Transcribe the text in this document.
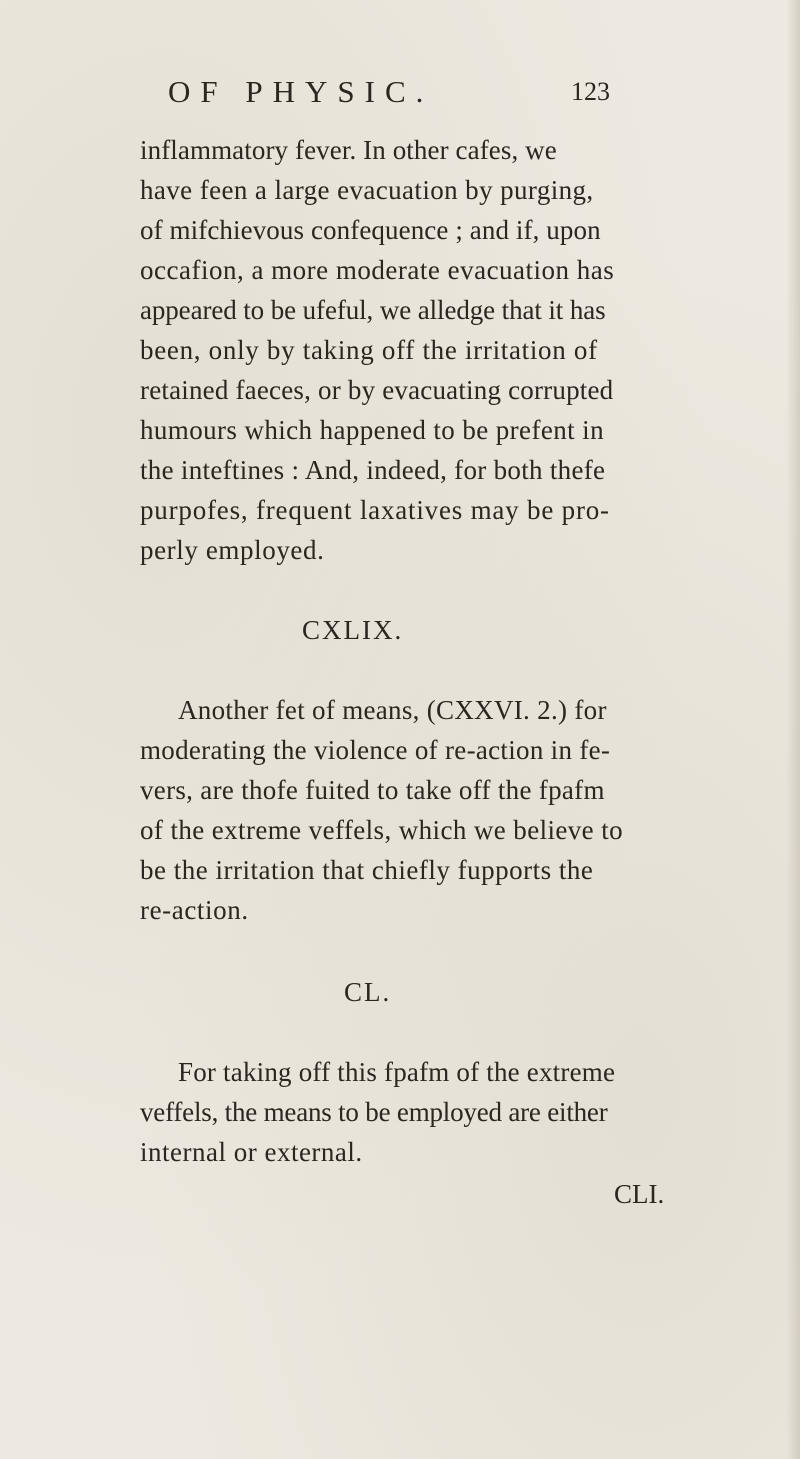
OF PHYSIC.	123
inflammatory fever. In other cafes, we
have feen a large evacuation by purging,
of mifchievous confequence ; and if, upon
occafion, a more moderate evacuation has
appeared to be ufeful, we alledge that it has
been, only by taking off the irritation of
retained faeces, or by evacuating corrupted
humours which happened to be prefent in
the inteftines : And, indeed, for both thefe
purpofes, frequent laxatives may be pro-
perly employed.
CXLIX.
Another fet of means, (CXXVI. 2.) for
moderating the violence of re-action in fe-
vers, are thofe fuited to take off the fpafm
of the extreme veffels, which we believe to
be the irritation that chiefly fupports the
re-action.
CL.
For taking off this fpafm of the extreme
veffels, the means to be employed are either
internal or external.
CLI.
